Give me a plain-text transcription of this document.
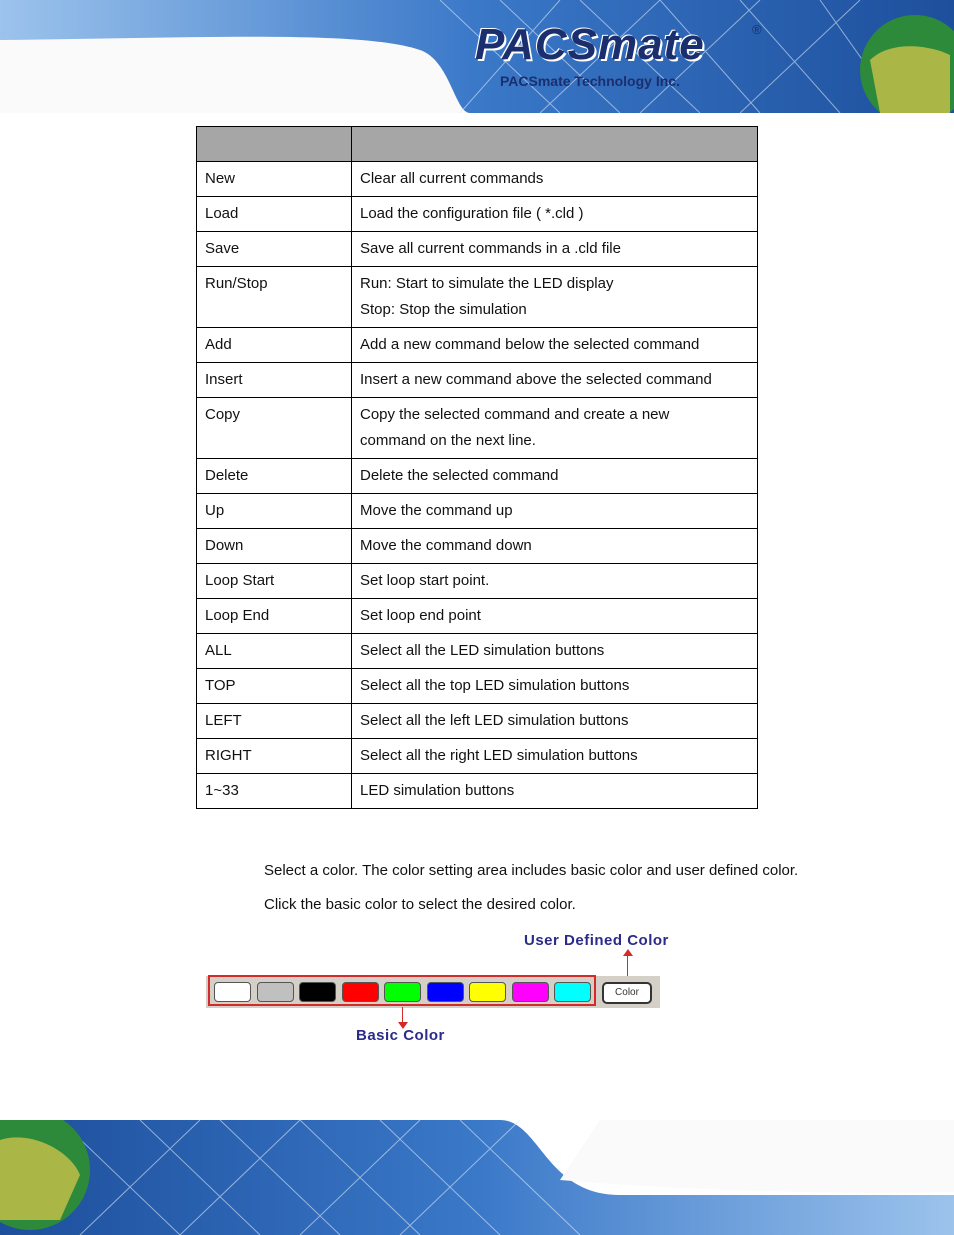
PACSmate	®
PACSmate Technology Inc.

New	Clear all current commands

Load	Load the configuration file ( *.cld )

Save	Save all current commands in a .cld file

Run/Stop	Run: Start to simulate the LED display
Stop: Stop the simulation

Add	Add a new command below the selected command

Insert	Insert a new command above the selected command

Copy	Copy the selected command and create a new
command on the next line.

Delete	Delete the selected command

Up	Move the command up

Down	Move the command down

Loop Start	Set loop start point.

Loop End	Set loop end point

ALL	Select all the LED simulation buttons

TOP	Select all the top LED simulation buttons

LEFT	Select all the left LED simulation buttons

RIGHT	Select all the right LED simulation buttons

1~33	LED simulation buttons
Select a color. The color setting area includes basic color and user defined color.
Click the basic color to select the desired color.
User Defined Color
Color
Basic Color
